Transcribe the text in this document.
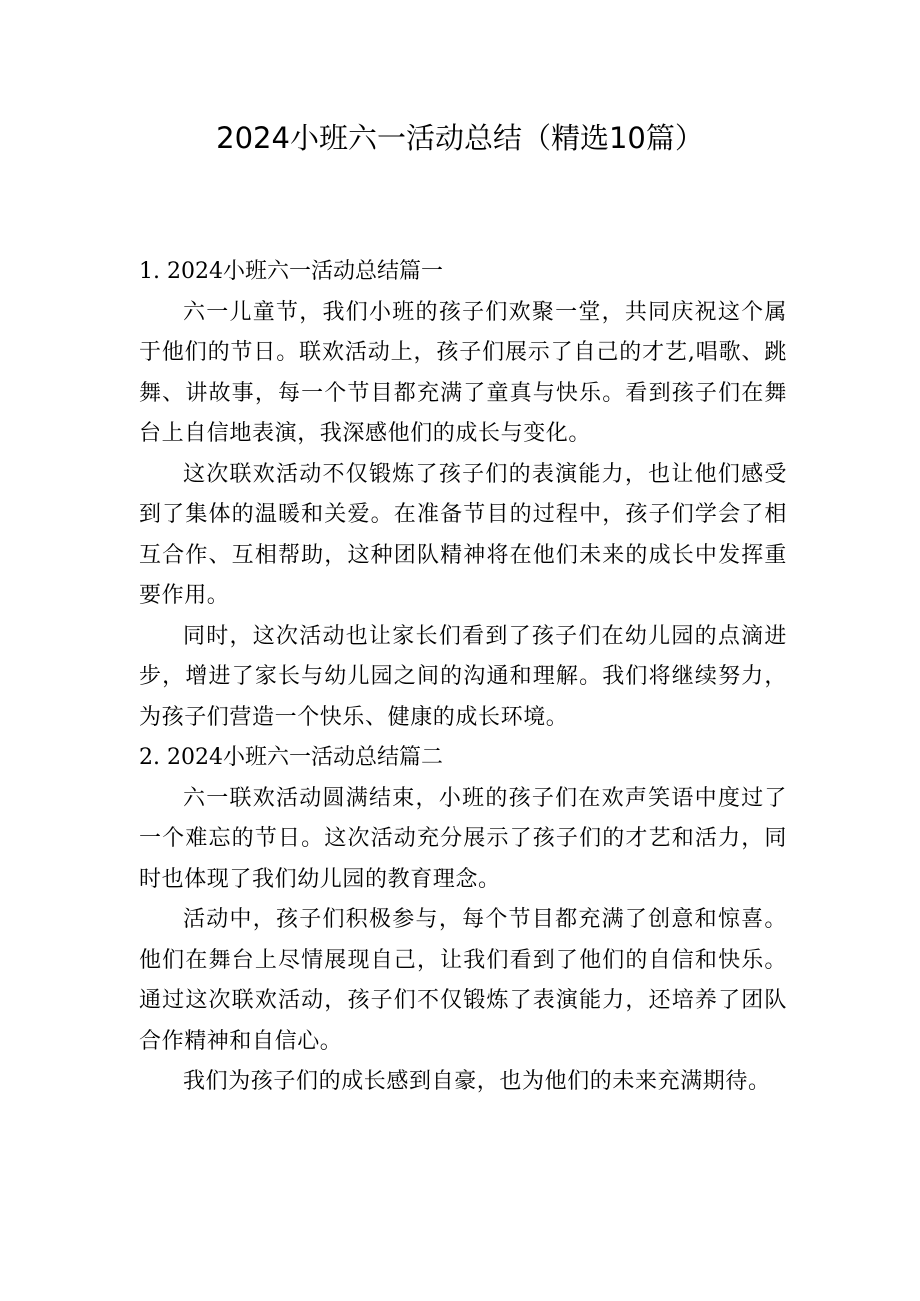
2024小班六一活动总结（精选10篇）
1. 2024小班六一活动总结篇一

六一儿童节，我们小班的孩子们欢聚一堂，共同庆祝这个属于他们的节日。联欢活动上，孩子们展示了自己的才艺,唱歌、跳舞、讲故事，每一个节目都充满了童真与快乐。看到孩子们在舞台上自信地表演，我深感他们的成长与变化。

这次联欢活动不仅锻炼了孩子们的表演能力，也让他们感受到了集体的温暖和关爱。在准备节目的过程中，孩子们学会了相互合作、互相帮助，这种团队精神将在他们未来的成长中发挥重要作用。

同时，这次活动也让家长们看到了孩子们在幼儿园的点滴进步，增进了家长与幼儿园之间的沟通和理解。我们将继续努力，为孩子们营造一个快乐、健康的成长环境。

2. 2024小班六一活动总结篇二

六一联欢活动圆满结束，小班的孩子们在欢声笑语中度过了一个难忘的节日。这次活动充分展示了孩子们的才艺和活力，同时也体现了我们幼儿园的教育理念。

活动中，孩子们积极参与，每个节目都充满了创意和惊喜。他们在舞台上尽情展现自己，让我们看到了他们的自信和快乐。通过这次联欢活动，孩子们不仅锻炼了表演能力，还培养了团队合作精神和自信心。

我们为孩子们的成长感到自豪，也为他们的未来充满期待。
